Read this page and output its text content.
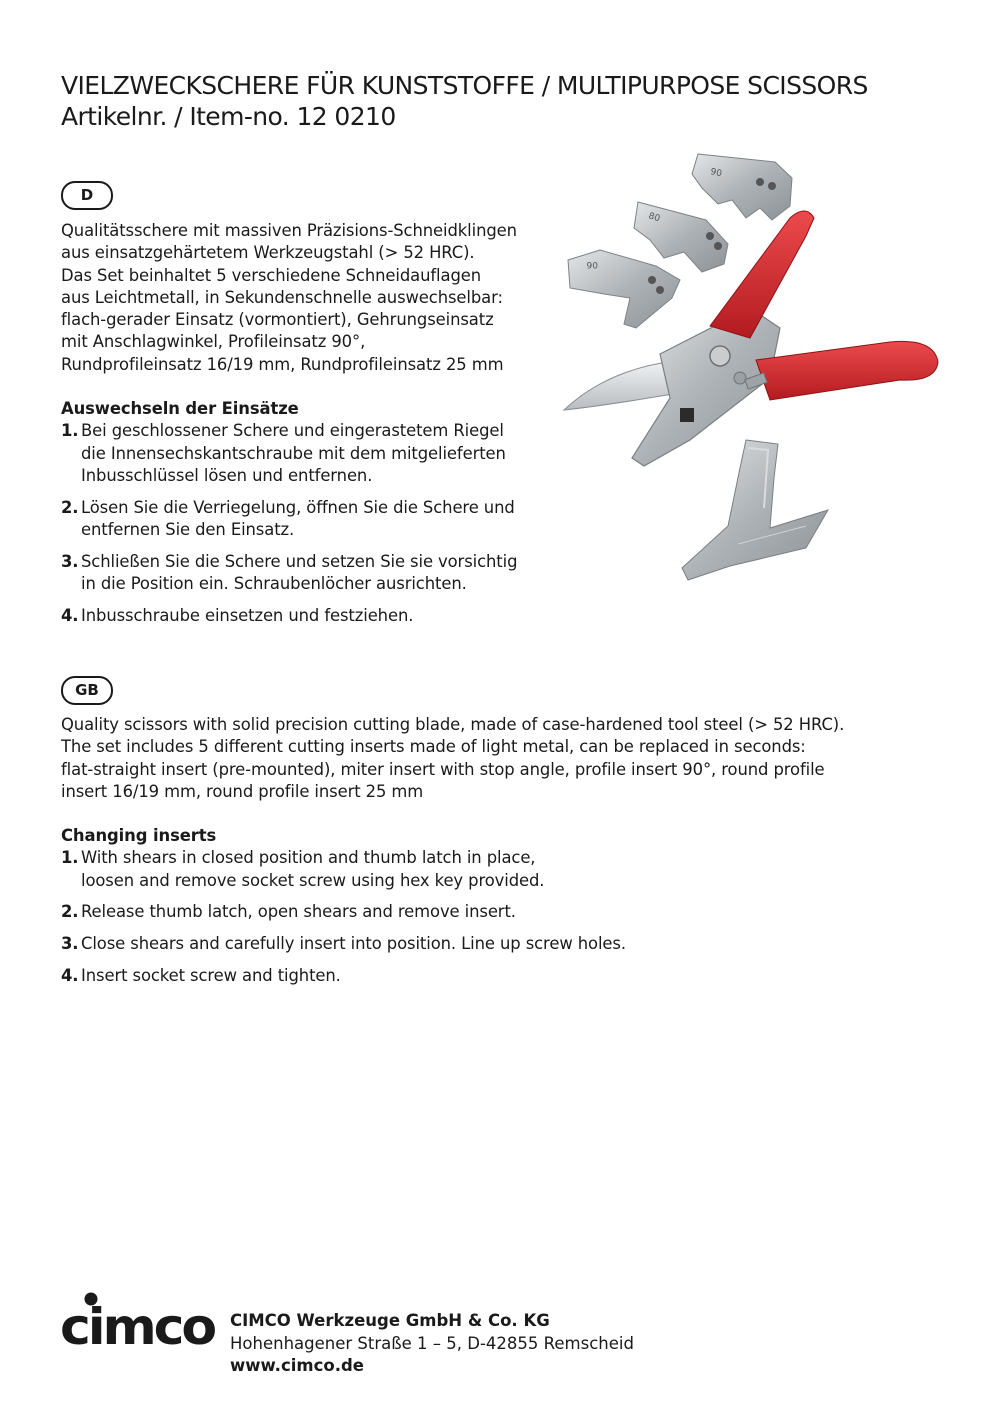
VIELZWECKSCHERE FÜR KUNSTSTOFFE / MULTIPURPOSE SCISSORS
Artikelnr. / Item-no. 12 0210
D
Qualitätsschere mit massiven Präzisions-Schneidklingen
aus einsatzgehärtetem Werkzeugstahl (> 52 HRC).
Das Set beinhaltet 5 verschiedene Schneidauflagen
aus Leichtmetall, in Sekundenschnelle auswechselbar:
flach-gerader Einsatz (vormontiert), Gehrungseinsatz
mit Anschlagwinkel, Profileinsatz 90°,
Rundprofileinsatz 16/19 mm, Rundprofileinsatz 25 mm
Auswechseln der Einsätze
1. Bei geschlossener Schere und eingerastetem Riegel
die Innensechskantschraube mit dem mitgelieferten
Inbusschlüssel lösen und entfernen.
2. Lösen Sie die Verriegelung, öffnen Sie die Schere und
entfernen Sie den Einsatz.
3. Schließen Sie die Schere und setzen Sie sie vorsichtig
in die Position ein. Schraubenlöcher ausrichten.
4. Inbusschraube einsetzen und festziehen.
90
80
06
GB
Quality scissors with solid precision cutting blade, made of case-hardened tool steel (> 52 HRC).
The set includes 5 different cutting inserts made of light metal, can be replaced in seconds:
flat-straight insert (pre-mounted), miter insert with stop angle, profile insert 90°, round profile
insert 16/19 mm, round profile insert 25 mm
Changing inserts
1. With shears in closed position and thumb latch in place,
loosen and remove socket screw using hex key provided.
2. Release thumb latch, open shears and remove insert.
3. Close shears and carefully insert into position. Line up screw holes.
4. Insert socket screw and tighten.
cimco CIMCO Werkzeuge GmbH & Co. KG
Hohenhagener Straße 1 – 5, D-42855 Remscheid
www.cimco.de
